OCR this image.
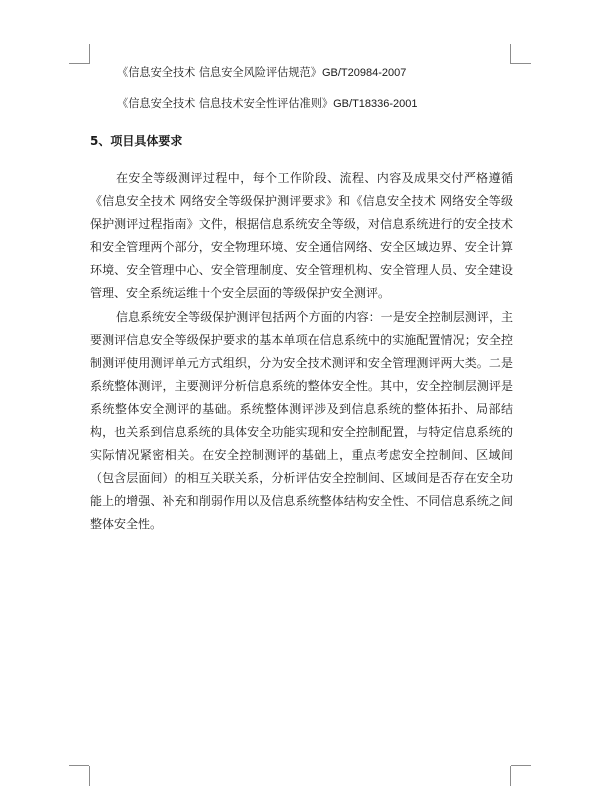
《信息安全技术 信息安全风险评估规范》GB/T20984-2007
《信息安全技术 信息技术安全性评估准则》GB/T18336-2001
5、项目具体要求

在安全等级测评过程中，每个工作阶段、流程、内容及成果交付严格遵循《信息安全技术 网络安全等级保护测评要求》和《信息安全技术 网络安全等级保护测评过程指南》文件，根据信息系统安全等级，对信息系统进行的安全技术和安全管理两个部分，安全物理环境、安全通信网络、安全区域边界、安全计算环境、安全管理中心、安全管理制度、安全管理机构、安全管理人员、安全建设管理、安全系统运维十个安全层面的等级保护安全测评。

信息系统安全等级保护测评包括两个方面的内容：一是安全控制层测评，主要测评信息安全等级保护要求的基本单项在信息系统中的实施配置情况；安全控制测评使用测评单元方式组织，分为安全技术测评和安全管理测评两大类。二是系统整体测评，主要测评分析信息系统的整体安全性。其中，安全控制层测评是系统整体安全测评的基础。系统整体测评涉及到信息系统的整体拓扑、局部结构，也关系到信息系统的具体安全功能实现和安全控制配置，与特定信息系统的实际情况紧密相关。在安全控制测评的基础上，重点考虑安全控制间、区域间（包含层面间）的相互关联关系，分析评估安全控制间、区域间是否存在安全功能上的增强、补充和削弱作用以及信息系统整体结构安全性、不同信息系统之间整体安全性。
